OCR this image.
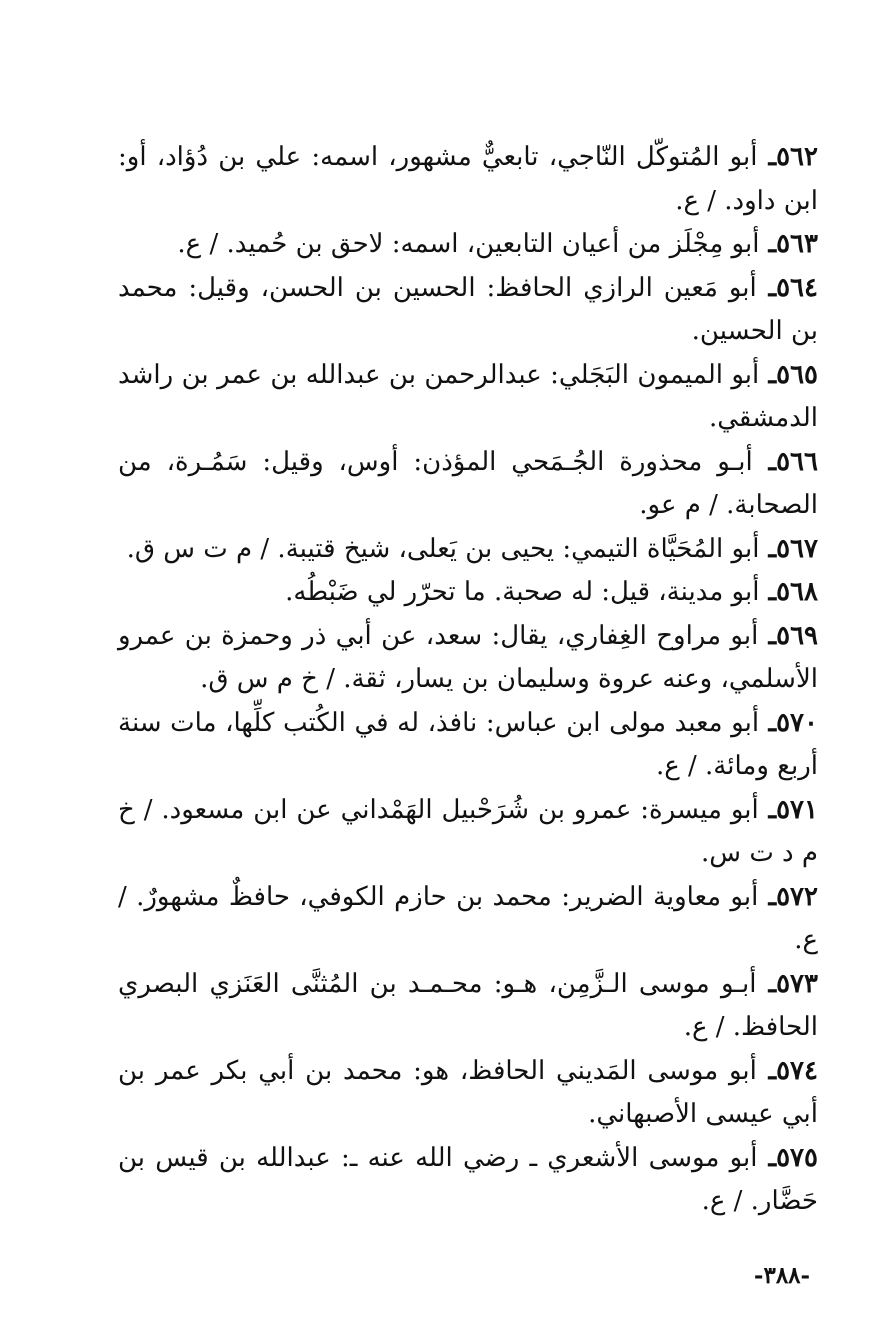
٥٦٢ـ أبو المُتوكّل النّاجي، تابعيٌّ مشهور، اسمه: علي بن دُؤاد، أو: ابن داود. / ع.

٥٦٣ـ أبو مِجْلَز من أعيان التابعين، اسمه: لاحق بن حُميد. / ع.

٥٦٤ـ أبو مَعين الرازي الحافظ: الحسين بن الحسن، وقيل: محمد بن الحسين.

٥٦٥ـ أبو الميمون البَجَلي: عبدالرحمن بن عبدالله بن عمر بن راشد الدمشقي.

٥٦٦ـ أبـو محذورة الجُـمَحي المؤذن: أوس، وقيل: سَمُـرة، من الصحابة. / م عو.

٥٦٧ـ أبو المُحَيَّاة التيمي: يحيى بن يَعلى، شيخ قتيبة. / م ت س ق.

٥٦٨ـ أبو مدينة، قيل: له صحبة. ما تحرّر لي ضَبْطُه.

٥٦٩ـ أبو مراوح الغِفاري، يقال: سعد، عن أبي ذر وحمزة بن عمرو الأسلمي، وعنه عروة وسليمان بن يسار، ثقة. / خ م س ق.

٥٧٠ـ أبو معبد مولى ابن عباس: نافذ، له في الكُتب كلِّها، مات سنة أربع ومائة. / ع.

٥٧١ـ أبو ميسرة: عمرو بن شُرَحْبيل الهَمْداني عن ابن مسعود. / خ م د ت س.

٥٧٢ـ أبو معاوية الضرير: محمد بن حازم الكوفي، حافظٌ مشهورٌ. / ع.

٥٧٣ـ أبـو موسى الـزَّمِن، هـو: محـمـد بن المُثنَّى العَنَزي البصري الحافظ. / ع.

٥٧٤ـ أبو موسى المَديني الحافظ، هو: محمد بن أبي بكر عمر بن أبي عيسى الأصبهاني.

٥٧٥ـ أبو موسى الأشعري ـ رضي الله عنه ـ: عبدالله بن قيس بن حَضَّار. / ع.

-٣٨٨-
